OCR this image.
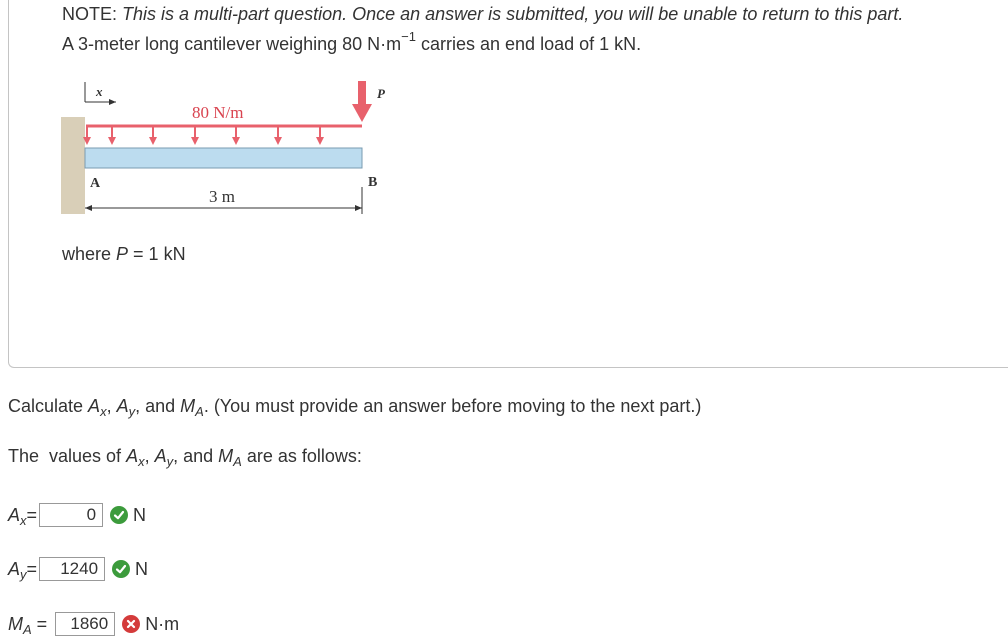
NOTE: This is a multi-part question. Once an answer is submitted, you will be unable to return to this part.
A 3-meter long cantilever weighing 80 $N\cdot m^{-1}$ carries an end load of 1 kN.
x
80 N/m
P
A	B
3 m
where P = 1 kN
Calculate $A_x$, $A_y$, and $M_A$. (You must provide an answer before moving to the next part.)
The  values of $A_x$, $A_y$, and $M_A$ are as follows:
$A_x=$	0	N
$A_y=$	1240	N
$M_A$ =	1860	N·m
